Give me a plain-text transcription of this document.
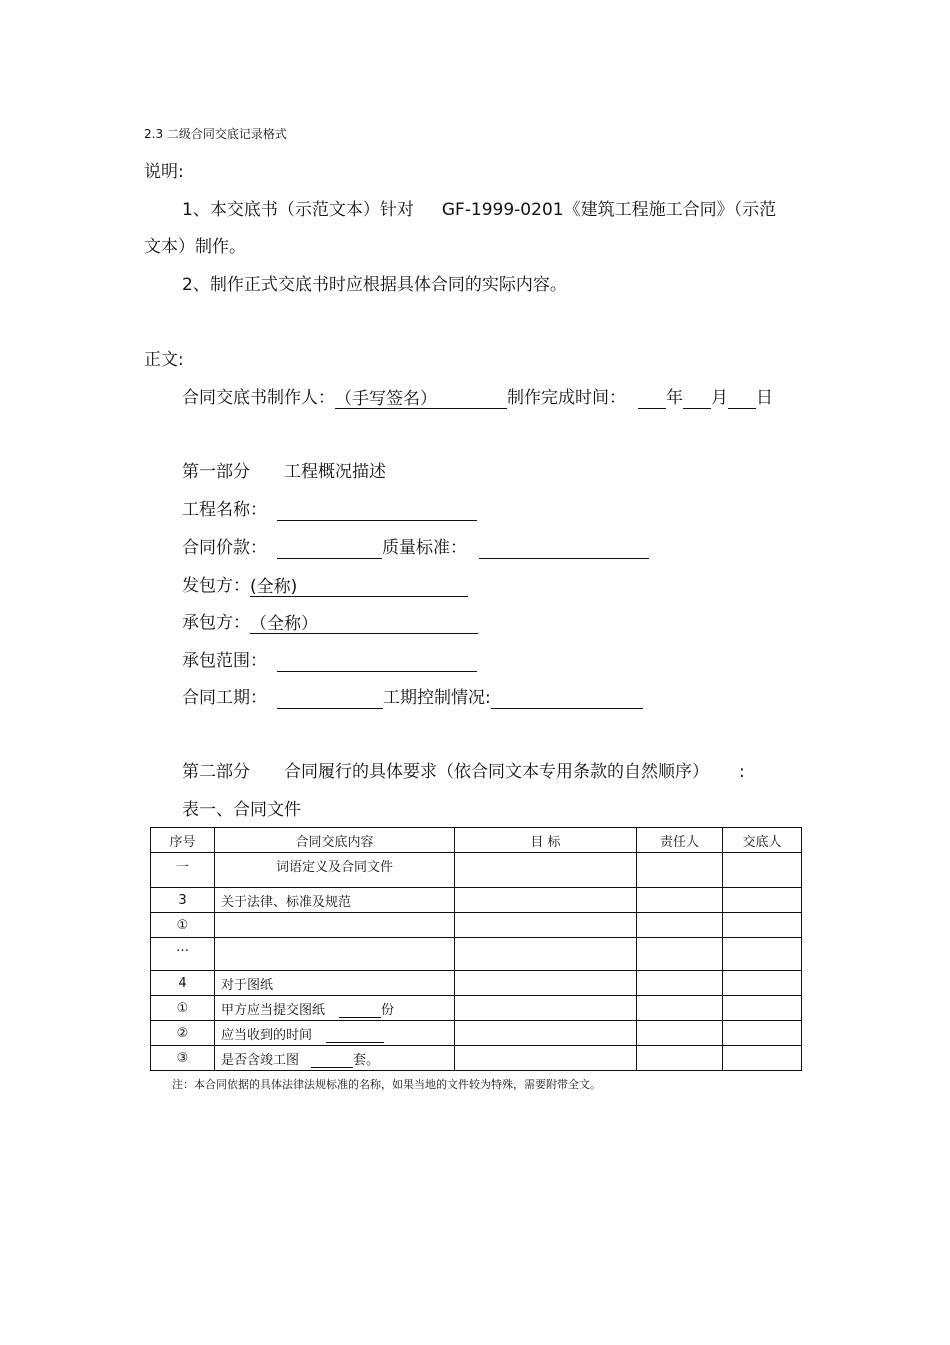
2.3 二级合同交底记录格式
说明:
1、本交底书（示范文本）针对 GF-1999-0201《建筑工程施工合同》（示范
文本）制作。
2、制作正式交底书时应根据具体合同的实际内容。
正文:
合同交底书制作人：（手写签名）	制作完成时间： 年 月 日
第一部分 工程概况描述
工程名称：
合同价款：	质量标准：
发包方：(全称)
承包方：（全称）
承包范围：
合同工期：	工期控制情况:
第二部分 合同履行的具体要求（依合同文本专用条款的自然顺序） :
表一、合同文件
序号	合同交底内容	目 标	责任人	交底人
一	词语定义及合同文件			
3	关于法律、标准及规范			
①				
…				
4	对于图纸			
①	甲方应当提交图纸 份			
②	应当收到的时间			
③	是否含竣工图 套。			
注：本合同依据的具体法律法规标准的名称，如果当地的文件较为特殊，需要附带全文。
